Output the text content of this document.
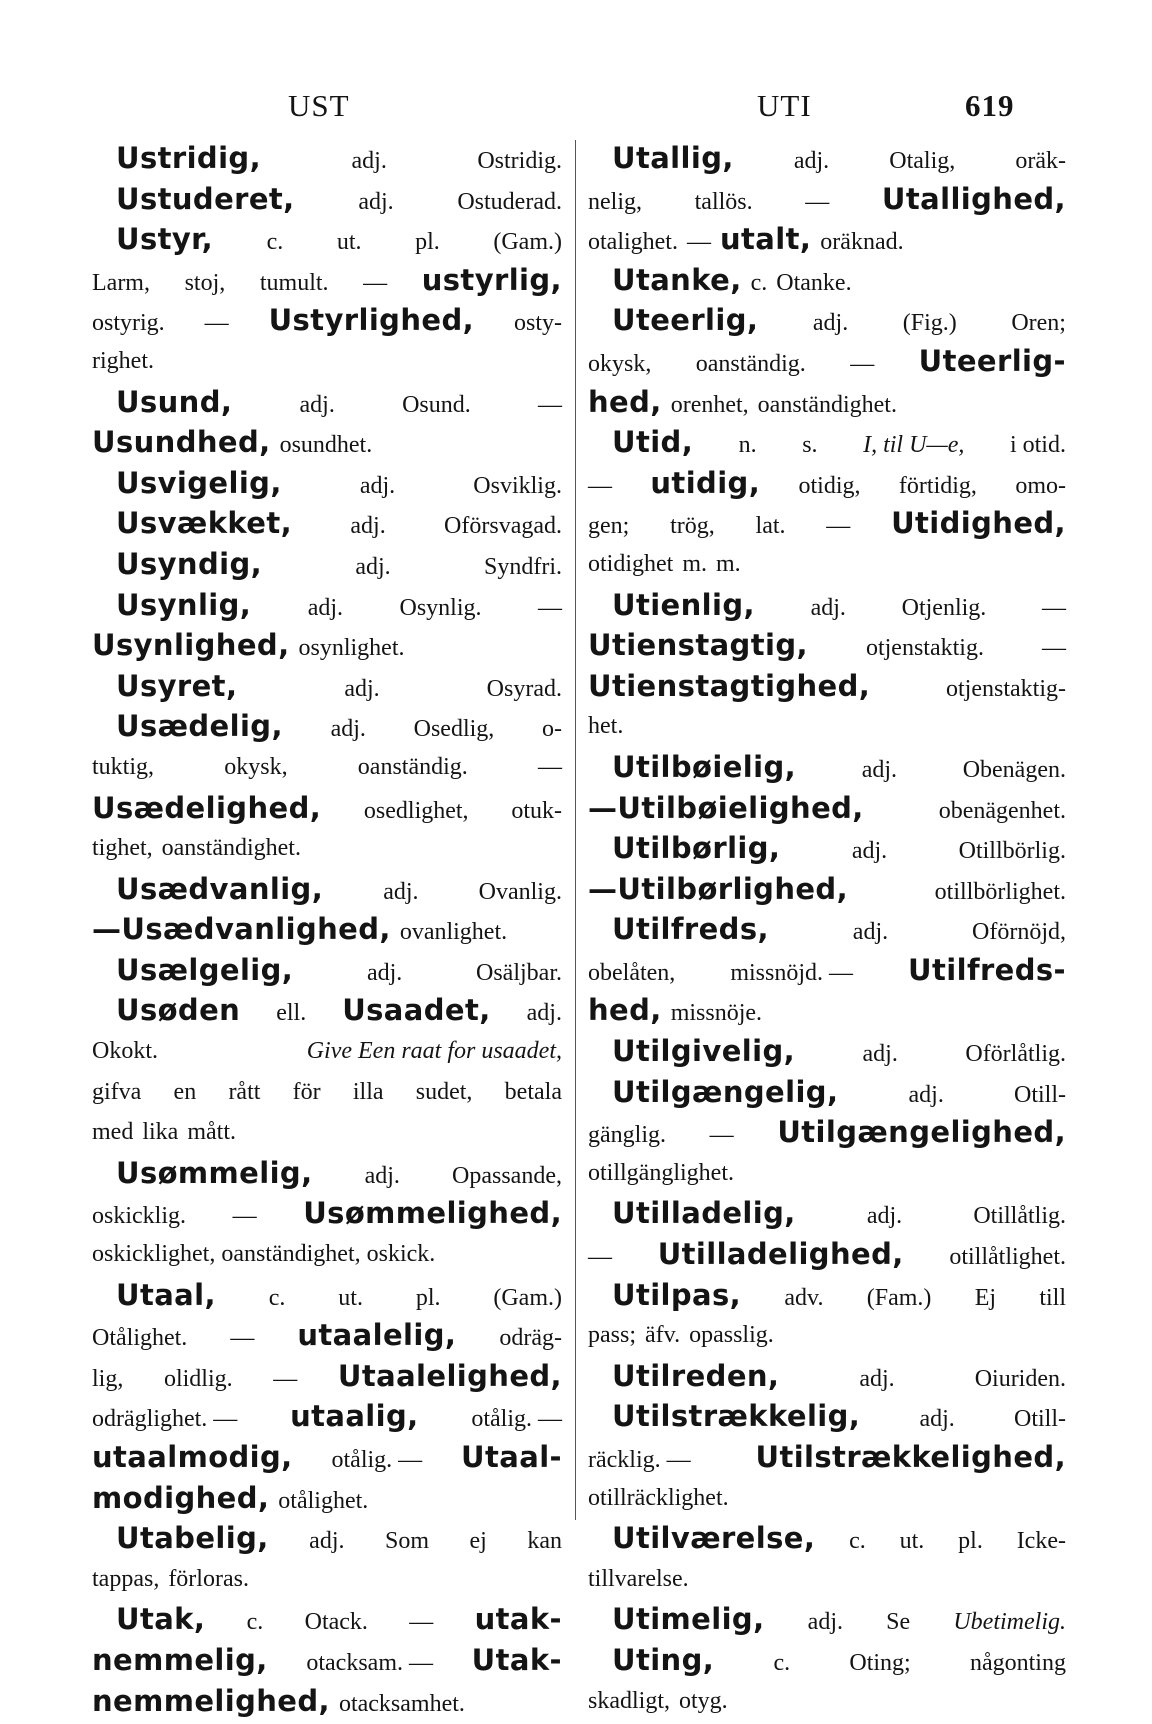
UST	UTI	619
Ustridig,	adj.	Ostridig.
Ustuderet,	adj.	Ostuderad.
Ustyr, c. ut. pl. (Gam.)
Larm, stoj, tumult. — ustyrlig,
ostyrig. — Ustyrlighed, osty-
righet.
Usund,	adj.	Osund.	—
Usundhed, osundhet.
Usvigelig,	adj.	Osviklig.
Usvækket, adj. Oförsvagad.
Usyndig,	adj.	Syndfri.
Usynlig, adj. Osynlig. —
Usynlighed, osynlighet.
Usyret,	adj.	Osyrad.
Usædelig, adj. Osedlig, o-
tuktig,	okysk,	oanständig.	—
Usædelighed, osedlighet, otuk-
tighet, oanständighet.
Usædvanlig,	adj.	Ovanlig.
—Usædvanlighed, ovanlighet.
Usælgelig,	adj.	Osäljbar.
Usøden ell. Usaadet, adj.
Okokt.	Give Een raat for usaadet,
gifva en rått för illa sudet, betala
med lika mått.
Usømmelig, adj. Opassande,
oskicklig. — Usømmelighed,
oskicklighet, oanständighet, oskick.
Utaal, c. ut. pl. (Gam.)
Otålighet. — utaalelig, odräg-
lig, olidlig. — Utaalelighed,
odräglighet. — utaalig, otålig. —
utaalmodig, otålig. — Utaal-
modighed, otålighet.
Utabelig, adj. Som ej kan
tappas, förloras.
Utak, c. Otack. — utak-
nemmelig, otacksam. — Utak-
nemmelighed, otacksamhet.
Utallig,	adj.	Otalig,	oräk-
nelig, tallös. — Utallighed,
otalighet. — utalt, oräknad.
Utanke, c. Otanke.
Uteerlig, adj. (Fig.) Oren;
okysk, oanständig. — Uteerlig-
hed, orenhet, oanständighet.
Utid, n. s. I, til U—e, i otid.
— utidig, otidig, förtidig, omo-
gen; trög, lat. — Utidighed,
otidighet m. m.
Utienlig, adj. Otjenlig. —
Utienstagtig, otjenstaktig. —
Utienstagtighed,	otjenstaktig-
het.
Utilbøielig,	adj.	Obenägen.
—Utilbøielighed,	obenägenhet.
Utilbørlig,	adj.	Otillbörlig.
—Utilbørlighed,	otillbörlighet.
Utilfreds,	adj.	Oförnöjd,
obelåten, missnöjd. — Utilfreds-
hed, missnöje.
Utilgivelig,	adj.	Oförlåtlig.
Utilgængelig,	adj.	Otill-
gänglig. — Utilgængelighed,
otillgänglighet.
Utilladelig,	adj.	Otillåtlig.
— Utilladelighed, otillåtlighet.
Utilpas, adv. (Fam.) Ej till
pass; äfv. opasslig.
Utilreden,	adj.	Oiuriden.
Utilstrækkelig, adj. Otill-
räcklig. — Utilstrækkelighed,
otillräcklighet.
Utilværelse, c. ut. pl. Icke-
tillvarelse.
Utimelig, adj. Se Ubetimelig.
Uting, c. Oting; någonting
skadligt, otyg.
